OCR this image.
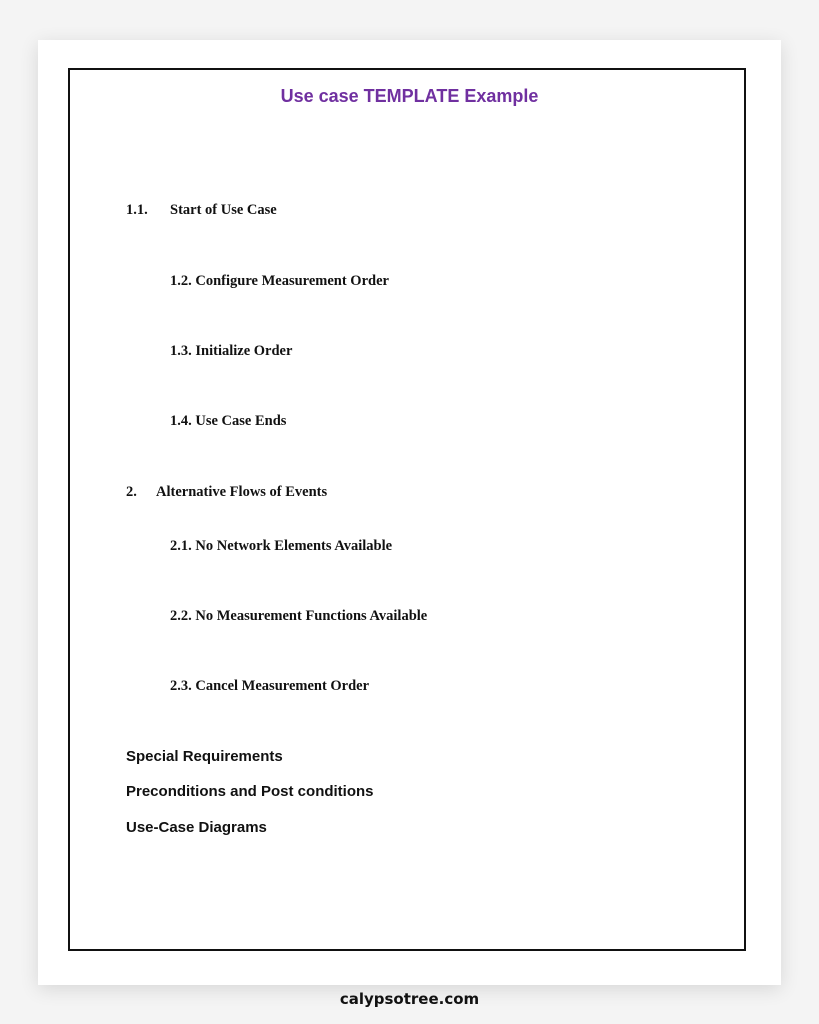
Use case TEMPLATE Example
1.1. Start of Use Case
1.2. Configure Measurement Order
1.3. Initialize Order
1.4. Use Case Ends
2. Alternative Flows of Events
2.1. No Network Elements Available
2.2. No Measurement Functions Available
2.3. Cancel Measurement Order
Special Requirements
Preconditions and Post conditions
Use-Case Diagrams
calypsotree.com
